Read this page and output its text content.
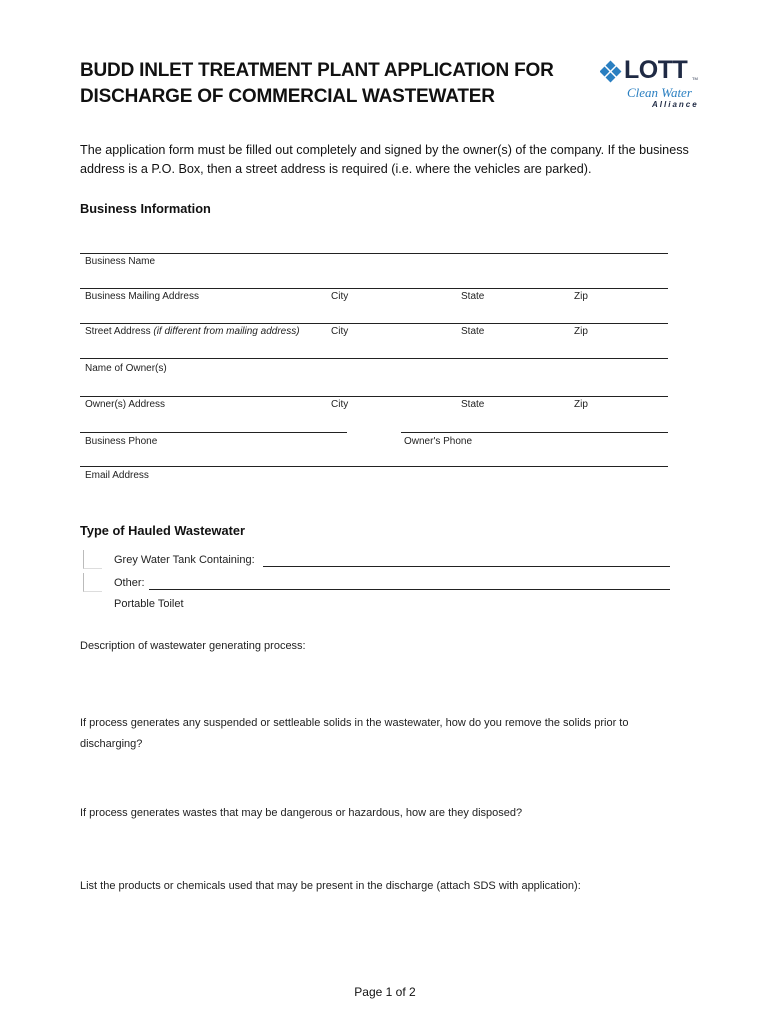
BUDD INLET TREATMENT PLANT APPLICATION FOR
DISCHARGE OF COMMERCIAL WASTEWATER
LOTT TM
Clean Water
Alliance
The application form must be filled out completely and signed by the owner(s) of the company. If the business address is a P.O. Box, then a street address is required (i.e. where the vehicles are parked).
Business Information
Business Name
Business Mailing Address	City	State	Zip
Street Address (if different from mailing address)	City	State	Zip
Name of Owner(s)
Owner(s) Address	City	State	Zip
Business Phone	Owner's Phone
Email Address
Type of Hauled Wastewater
Grey Water Tank Containing:
Other:
Portable Toilet
Description of wastewater generating process:
If process generates any suspended or settleable solids in the wastewater, how do you remove the solids prior to
discharging?
If process generates wastes that may be dangerous or hazardous, how are they disposed?
List the products or chemicals used that may be present in the discharge (attach SDS with application):
Page 1 of 2
